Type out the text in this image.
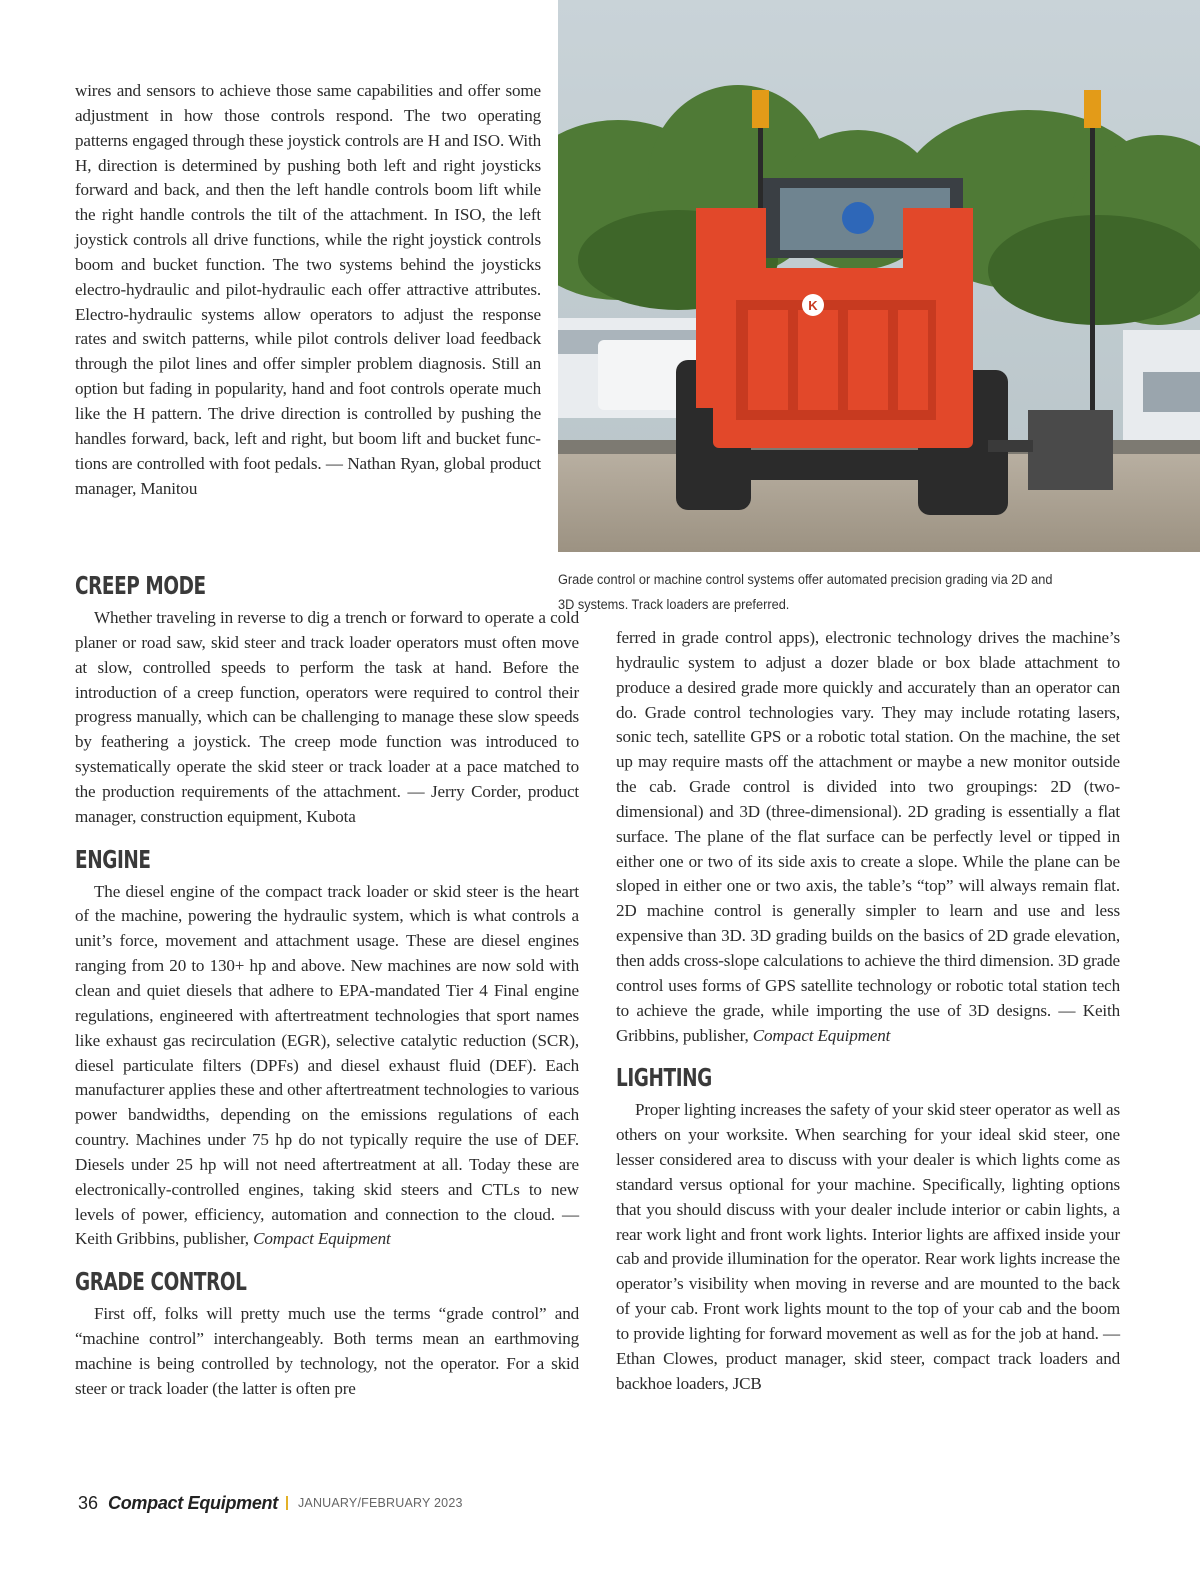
K

Grade control or machine control systems offer automated precision grading via 2D and 3D systems. Track loaders are preferred.

wires and sensors to achieve those same capabilities and offer some adjustment in how those controls respond. The two operating patterns engaged through these joystick controls are H and ISO. With H, direction is determined by pushing both left and right joysticks forward and back, and then the left handle controls boom lift while the right handle controls the tilt of the attachment. In ISO, the left joystick controls all drive functions, while the right joystick controls boom and bucket function. The two systems behind the joysticks electro-hydraulic and pilot-hydraulic each offer attractive attributes. Electro-hydraulic systems allow operators to adjust the response rates and switch patterns, while pilot controls deliver load feedback through the pilot lines and offer simpler problem diagnosis. Still an option but fading in popularity, hand and foot controls operate much like the H pattern. The drive direction is controlled by pushing the handles forward, back, left and right, but boom lift and bucket functions are controlled with foot pedals. — Nathan Ryan, global product manager, Manitou

CREEP MODE

Whether traveling in reverse to dig a trench or forward to operate a cold planer or road saw, skid steer and track loader operators must often move at slow, controlled speeds to perform the task at hand. Before the introduction of a creep function, operators were required to control their progress manually, which can be challenging to manage these slow speeds by feathering a joystick. The creep mode function was introduced to systematically operate the skid steer or track loader at a pace matched to the production requirements of the attachment. — Jerry Corder, product manager, construction equipment, Kubota

ENGINE

The diesel engine of the compact track loader or skid steer is the heart of the machine, powering the hydraulic system, which is what controls a unit’s force, movement and attachment usage. These are diesel engines ranging from 20 to 130+ hp and above. New machines are now sold with clean and quiet diesels that adhere to EPA-mandated Tier 4 Final engine regulations, engineered with aftertreatment technologies that sport names like exhaust gas recirculation (EGR), selective catalytic reduction (SCR), diesel particulate filters (DPFs) and diesel exhaust fluid (DEF). Each manufacturer applies these and other aftertreatment technologies to various power bandwidths, depending on the emissions regulations of each country. Machines under 75 hp do not typically require the use of DEF. Diesels under 25 hp will not need aftertreatment at all. Today these are electronically-controlled engines, taking skid steers and CTLs to new levels of power, efficiency, automation and connection to the cloud. — Keith Gribbins, publisher, Compact Equipment

GRADE CONTROL

First off, folks will pretty much use the terms “grade control” and “machine control” interchangeably. Both terms mean an earthmoving machine is being controlled by technology, not the operator. For a skid steer or track loader (the latter is often pre

ferred in grade control apps), electronic technology drives the machine’s hydraulic system to adjust a dozer blade or box blade attachment to produce a desired grade more quickly and accurately than an operator can do. Grade control technologies vary. They may include rotating lasers, sonic tech, satellite GPS or a robotic total station. On the machine, the set up may require masts off the attachment or maybe a new monitor outside the cab. Grade control is divided into two groupings: 2D (two-dimensional) and 3D (three-dimensional). 2D grading is essentially a flat surface. The plane of the flat surface can be perfectly level or tipped in either one or two of its side axis to create a slope. While the plane can be sloped in either one or two axis, the table’s “top” will always remain flat. 2D machine control is generally simpler to learn and use and less expensive than 3D. 3D grading builds on the basics of 2D grade elevation, then adds cross-slope calculations to achieve the third dimension. 3D grade control uses forms of GPS satellite technology or robotic total station tech to achieve the grade, while importing the use of 3D designs. — Keith Gribbins, publisher, Compact Equipment

LIGHTING

Proper lighting increases the safety of your skid steer operator as well as others on your worksite. When searching for your ideal skid steer, one lesser considered area to discuss with your dealer is which lights come as standard versus optional for your machine. Specifically, lighting options that you should discuss with your dealer include interior or cabin lights, a rear work light and front work lights. Interior lights are affixed inside your cab and provide illumination for the operator. Rear work lights increase the operator’s visibility when moving in reverse and are mounted to the back of your cab. Front work lights mount to the top of your cab and the boom to provide lighting for forward movement as well as for the job at hand. — Ethan Clowes, product manager, skid steer, compact track loaders and backhoe loaders, JCB

36 Compact Equipment JANUARY/FEBRUARY 2023
